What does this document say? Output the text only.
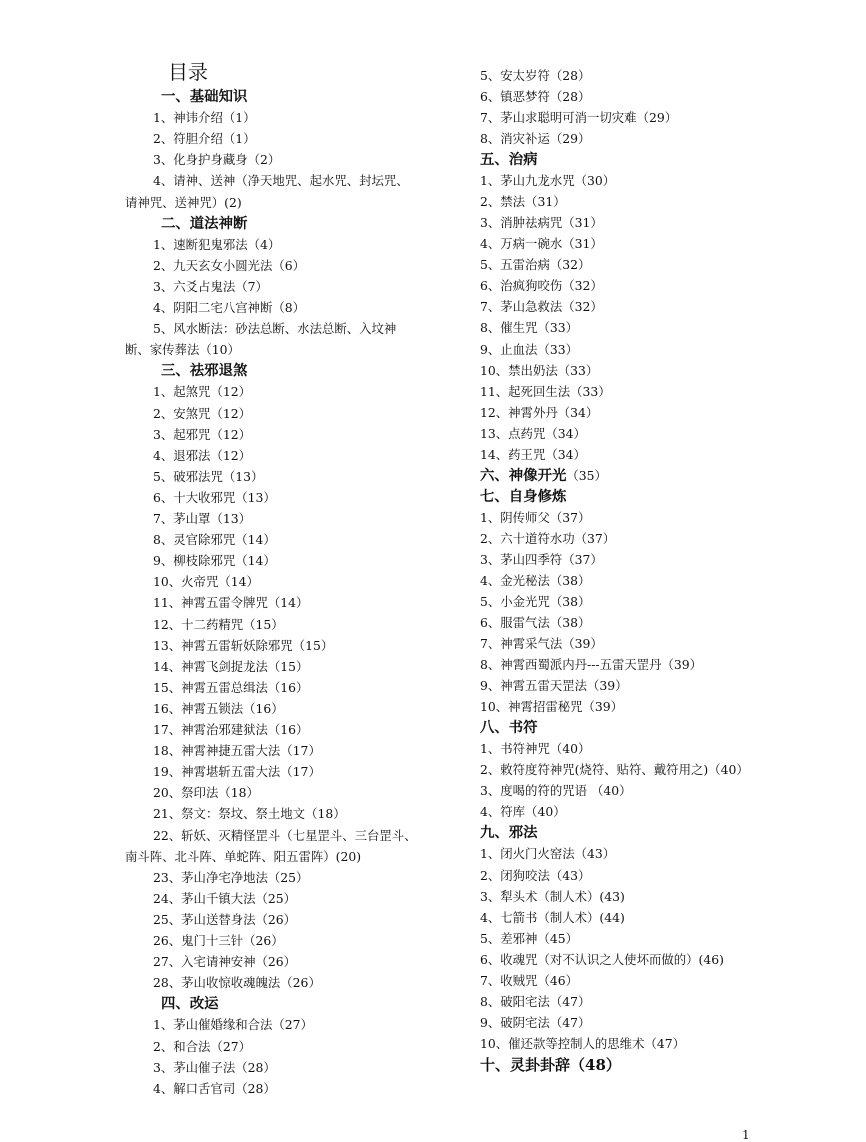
目录
一、基础知识
1、神讳介绍（1）
2、符胆介绍（1）
3、化身护身藏身（2）
4、请神、送神（净天地咒、起水咒、封坛咒、
请神咒、送神咒）(2)
二、道法神断
1、速断犯鬼邪法（4）
2、九天玄女小圆光法（6）
3、六爻占鬼法（7）
4、阴阳二宅八宫神断（8）
5、风水断法：砂法总断、水法总断、入坟神
断、家传葬法（10）
三、祛邪退煞
1、起煞咒（12）
2、安煞咒（12）
3、起邪咒（12）
4、退邪法（12）
5、破邪法咒（13）
6、十大收邪咒（13）
7、茅山罩（13）
8、灵官除邪咒（14）
9、柳枝除邪咒（14）
10、火帝咒（14）
11、神霄五雷令牌咒（14）
12、十二药精咒（15）
13、神霄五雷斩妖除邪咒（15）
14、神霄飞剑捉龙法（15）
15、神霄五雷总缉法（16）
16、神霄五锁法（16）
17、神霄治邪建狱法（16）
18、神霄神捷五雷大法（17）
19、神霄堪斩五雷大法（17）
20、祭印法（18）
21、祭文：祭坟、祭土地文（18）
22、斩妖、灭精怪罡斗（七星罡斗、三台罡斗、
南斗阵、北斗阵、单蛇阵、阳五雷阵）(20)
23、茅山净宅净地法（25）
24、茅山千镇大法（25）
25、茅山送替身法（26）
26、鬼门十三针（26）
27、入宅请神安神（26）
28、茅山收惊收魂魄法（26）
四、改运
1、茅山催婚缘和合法（27）
2、和合法（27）
3、茅山催子法（28）
4、解口舌官司（28）
5、安太岁符（28）
6、镇恶梦符（28）
7、茅山求聪明可消一切灾难（29）
8、消灾补运（29）
五、治病
1、茅山九龙水咒（30）
2、禁法（31）
3、消肿祛病咒（31）
4、万病一碗水（31）
5、五雷治病（32）
6、治疯狗咬伤（32）
7、茅山急救法（32）
8、催生咒（33）
9、止血法（33）
10、禁出奶法（33）
11、起死回生法（33）
12、神霄外丹（34）
13、点药咒（34）
14、药王咒（34）
六、神像开光（35）
七、自身修炼
1、阴传师父（37）
2、六十道符水功（37）
3、茅山四季符（37）
4、金光秘法（38）
5、小金光咒（38）
6、服雷气法（38）
7、神霄采气法（39）
8、神霄西蜀派内丹---五雷天罡丹（39）
9、神霄五雷天罡法（39）
10、神霄招雷秘咒（39）
八、书符
1、书符神咒（40）
2、敕符度符神咒(烧符、贴符、戴符用之)（40）
3、度喝的符的咒语 （40）
4、符库（40）
九、邪法
1、闭火门火窑法（43）
2、闭狗咬法（43）
3、犁头术（制人术）(43)
4、七箭书（制人术）(44)
5、差邪神（45）
6、收魂咒（对不认识之人使坏而做的）(46)
7、收贼咒（46）
8、破阳宅法（47）
9、破阴宅法（47）
10、催还款等控制人的思维术（47）
十、灵卦卦辞（48）
1
